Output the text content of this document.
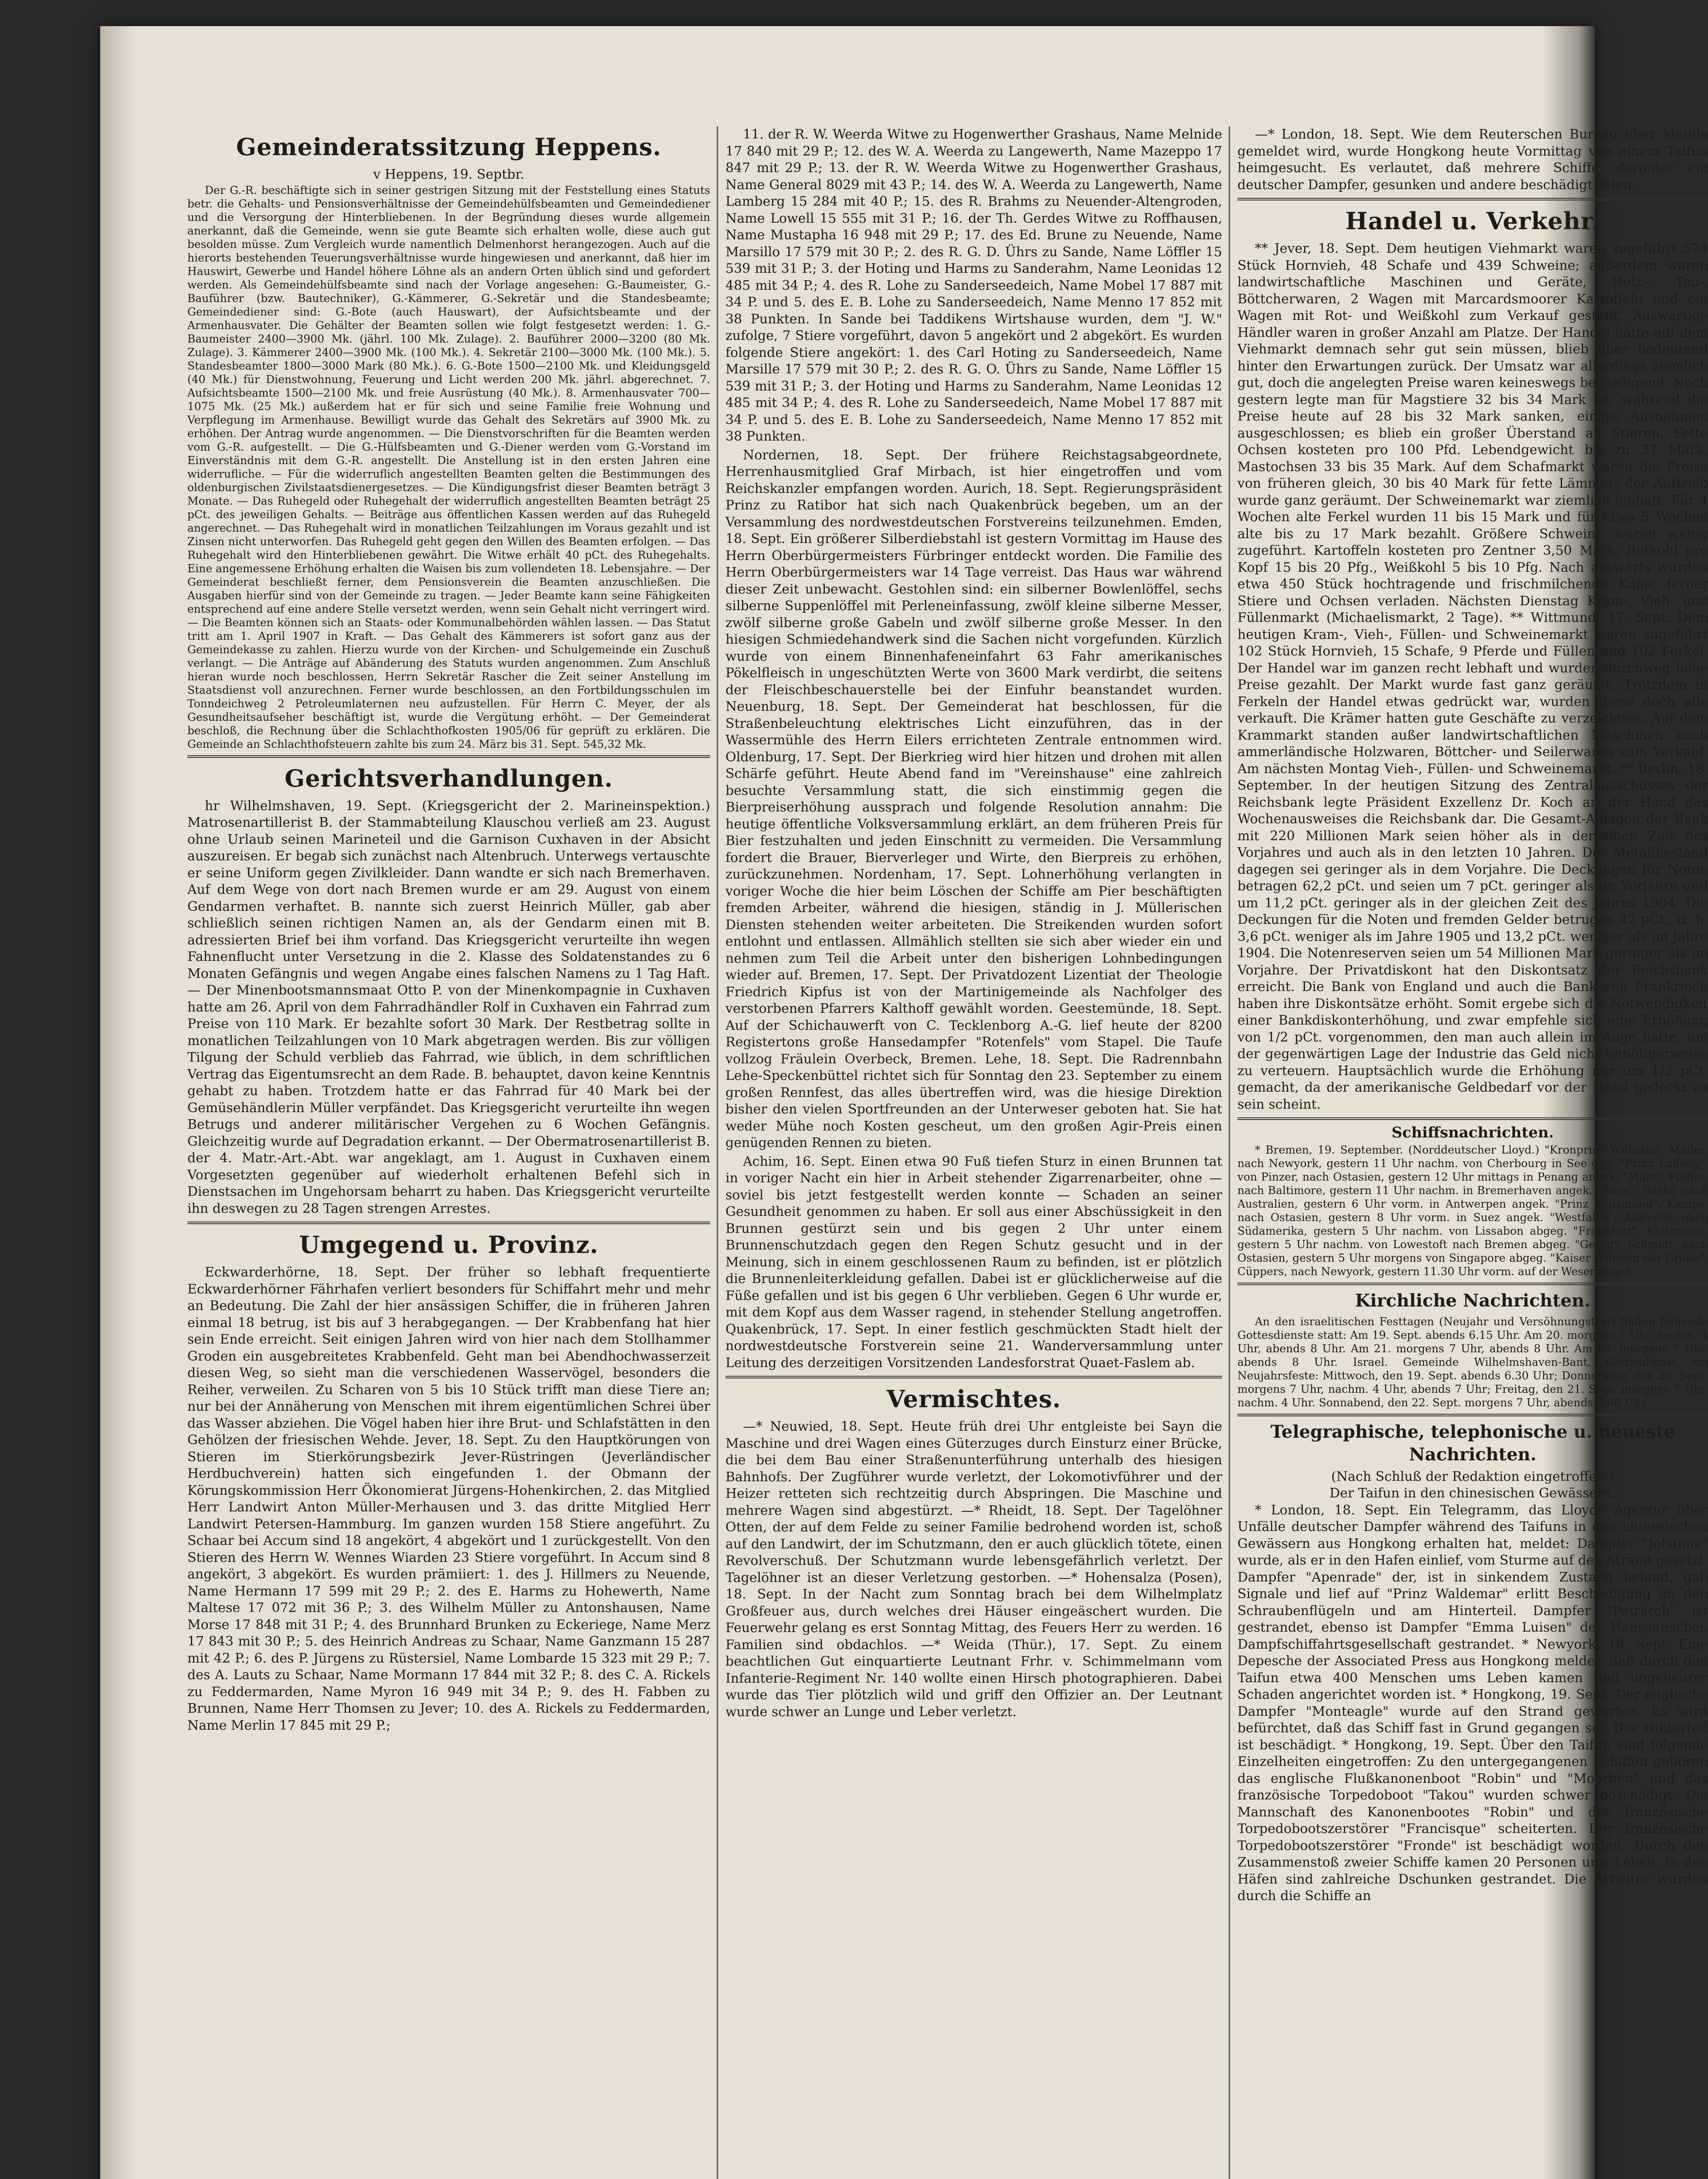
Gemeinderatssitzung Heppens.
v Heppens, 19. Septbr.

Der G.-R. beschäftigte sich in seiner gestrigen Sitzung mit der Feststellung eines Statuts betr. die Gehalts- und Pensionsverhältnisse der Gemeindehülfsbeamten und Gemeindediener und die Versorgung der Hinterbliebenen. In der Begründung dieses wurde allgemein anerkannt, daß die Gemeinde, wenn sie gute Beamte sich erhalten wolle, diese auch gut besolden müsse. Zum Vergleich wurde namentlich Delmenhorst herangezogen. Auch auf die hierorts bestehenden Teuerungsverhältnisse wurde hingewiesen und anerkannt, daß hier im Hauswirt, Gewerbe und Handel höhere Löhne als an andern Orten üblich sind und gefordert werden. Als Gemeindehülfsbeamte sind nach der Vorlage angesehen: G.-Baumeister, G.-Bauführer (bzw. Bautechniker), G.-Kämmerer, G.-Sekretär und die Standesbeamte; Gemeindediener sind: G.-Bote (auch Hauswart), der Aufsichtsbeamte und der Armenhausvater. Die Gehälter der Beamten sollen wie folgt festgesetzt werden: 1. G.-Baumeister 2400—3900 Mk. (jährl. 100 Mk. Zulage). 2. Bauführer 2000—3200 (80 Mk. Zulage). 3. Kämmerer 2400—3900 Mk. (100 Mk.). 4. Sekretär 2100—3000 Mk. (100 Mk.). 5. Standesbeamter 1800—3000 Mark (80 Mk.). 6. G.-Bote 1500—2100 Mk. und Kleidungsgeld (40 Mk.) für Dienstwohnung, Feuerung und Licht werden 200 Mk. jährl. abgerechnet. 7. Aufsichtsbeamte 1500—2100 Mk. und freie Ausrüstung (40 Mk.). 8. Armenhausvater 700—1075 Mk. (25 Mk.) außerdem hat er für sich und seine Familie freie Wohnung und Verpflegung im Armenhause. Bewilligt wurde das Gehalt des Sekretärs auf 3900 Mk. zu erhöhen. Der Antrag wurde angenommen. — Die Dienstvorschriften für die Beamten werden vom G.-R. aufgestellt. — Die G.-Hülfsbeamten und G.-Diener werden vom G.-Vorstand im Einverständnis mit dem G.-R. angestellt. Die Anstellung ist in den ersten Jahren eine widerrufliche. — Für die widerruflich angestellten Beamten gelten die Bestimmungen des oldenburgischen Zivilstaatsdienergesetzes. — Die Kündigungsfrist dieser Beamten beträgt 3 Monate. — Das Ruhegeld oder Ruhegehalt der widerruflich angestellten Beamten beträgt 25 pCt. des jeweiligen Gehalts. — Beiträge aus öffentlichen Kassen werden auf das Ruhegeld angerechnet. — Das Ruhegehalt wird in monatlichen Teilzahlungen im Voraus gezahlt und ist Zinsen nicht unterworfen. Das Ruhegeld geht gegen den Willen des Beamten erfolgen. — Das Ruhegehalt wird den Hinterbliebenen gewährt. Die Witwe erhält 40 pCt. des Ruhegehalts. Eine angemessene Erhöhung erhalten die Waisen bis zum vollendeten 18. Lebensjahre. — Der Gemeinderat beschließt ferner, dem Pensionsverein die Beamten anzuschließen. Die Ausgaben hierfür sind von der Gemeinde zu tragen. — Jeder Beamte kann seine Fähigkeiten entsprechend auf eine andere Stelle versetzt werden, wenn sein Gehalt nicht verringert wird. — Die Beamten können sich an Staats- oder Kommunalbehörden wählen lassen. — Das Statut tritt am 1. April 1907 in Kraft. — Das Gehalt des Kämmerers ist sofort ganz aus der Gemeindekasse zu zahlen. Hierzu wurde von der Kirchen- und Schulgemeinde ein Zuschuß verlangt. — Die Anträge auf Abänderung des Statuts wurden angenommen. Zum Anschluß hieran wurde noch beschlossen, Herrn Sekretär Rascher die Zeit seiner Anstellung im Staatsdienst voll anzurechnen. Ferner wurde beschlossen, an den Fortbildungsschulen im Tonndeichweg 2 Petroleumlaternen neu aufzustellen. Für Herrn C. Meyer, der als Gesundheitsaufseher beschäftigt ist, wurde die Vergütung erhöht. — Der Gemeinderat beschloß, die Rechnung über die Schlachthofkosten 1905/06 für geprüft zu erklären. Die Gemeinde an Schlachthofsteuern zahlte bis zum 24. März bis 31. Sept. 545,32 Mk.

Gerichtsverhandlungen.

hr Wilhelmshaven, 19. Sept. (Kriegsgericht der 2. Marineinspektion.) Matrosenartillerist B. der Stammabteilung Klauschou verließ am 23. August ohne Urlaub seinen Marineteil und die Garnison Cuxhaven in der Absicht auszureisen. Er begab sich zunächst nach Altenbruch. Unterwegs vertauschte er seine Uniform gegen Zivilkleider. Dann wandte er sich nach Bremerhaven. Auf dem Wege von dort nach Bremen wurde er am 29. August von einem Gendarmen verhaftet. B. nannte sich zuerst Heinrich Müller, gab aber schließlich seinen richtigen Namen an, als der Gendarm einen mit B. adressierten Brief bei ihm vorfand. Das Kriegsgericht verurteilte ihn wegen Fahnenflucht unter Versetzung in die 2. Klasse des Soldatenstandes zu 6 Monaten Gefängnis und wegen Angabe eines falschen Namens zu 1 Tag Haft. — Der Minenbootsmannsmaat Otto P. von der Minenkompagnie in Cuxhaven hatte am 26. April von dem Fahrradhändler Rolf in Cuxhaven ein Fahrrad zum Preise von 110 Mark. Er bezahlte sofort 30 Mark. Der Restbetrag sollte in monatlichen Teilzahlungen von 10 Mark abgetragen werden. Bis zur völligen Tilgung der Schuld verblieb das Fahrrad, wie üblich, in dem schriftlichen Vertrag das Eigentumsrecht an dem Rade. B. behauptet, davon keine Kenntnis gehabt zu haben. Trotzdem hatte er das Fahrrad für 40 Mark bei der Gemüsehändlerin Müller verpfändet. Das Kriegsgericht verurteilte ihn wegen Betrugs und anderer militärischer Vergehen zu 6 Wochen Gefängnis. Gleichzeitig wurde auf Degradation erkannt. — Der Obermatrosenartillerist B. der 4. Matr.-Art.-Abt. war angeklagt, am 1. August in Cuxhaven einem Vorgesetzten gegenüber auf wiederholt erhaltenen Befehl sich in Dienstsachen im Ungehorsam beharrt zu haben. Das Kriegsgericht verurteilte ihn deswegen zu 28 Tagen strengen Arrestes.

Umgegend u. Provinz.

Eckwarderhörne, 18. Sept. Der früher so lebhaft frequentierte Eckwarderhörner Fährhafen verliert besonders für Schiffahrt mehr und mehr an Bedeutung. Die Zahl der hier ansässigen Schiffer, die in früheren Jahren einmal 18 betrug, ist bis auf 3 herabgegangen. — Der Krabbenfang hat hier sein Ende erreicht. Seit einigen Jahren wird von hier nach dem Stollhammer Groden ein ausgebreitetes Krabbenfeld. Geht man bei Abendhochwasserzeit diesen Weg, so sieht man die verschiedenen Wasservögel, besonders die Reiher, verweilen. Zu Scharen von 5 bis 10 Stück trifft man diese Tiere an; nur bei der Annäherung von Menschen mit ihrem eigentümlichen Schrei über das Wasser abziehen. Die Vögel haben hier ihre Brut- und Schlafstätten in den Gehölzen der friesischen Wehde. Jever, 18. Sept. Zu den Hauptkörungen von Stieren im Stierkörungsbezirk Jever-Rüstringen (Jeverländischer Herdbuchverein) hatten sich eingefunden 1. der Obmann der Körungskommission Herr Ökonomierat Jürgens-Hohenkirchen, 2. das Mitglied Herr Landwirt Anton Müller-Merhausen und 3. das dritte Mitglied Herr Landwirt Petersen-Hammburg. Im ganzen wurden 158 Stiere angeführt. Zu Schaar bei Accum sind 18 angekört, 4 abgekört und 1 zurückgestellt. Von den Stieren des Herrn W. Wennes Wiarden 23 Stiere vorgeführt. In Accum sind 8 angekört, 3 abgekört. Es wurden prämiiert: 1. des J. Hillmers zu Neuende, Name Hermann 17 599 mit 29 P.; 2. des E. Harms zu Hohewerth, Name Maltese 17 072 mit 36 P.; 3. des Wilhelm Müller zu Antonshausen, Name Morse 17 848 mit 31 P.; 4. des Brunnhard Brunken zu Eckeriege, Name Merz 17 843 mit 30 P.; 5. des Heinrich Andreas zu Schaar, Name Ganzmann 15 287 mit 42 P.; 6. des P. Jürgens zu Rüstersiel, Name Lombarde 15 323 mit 29 P.; 7. des A. Lauts zu Schaar, Name Mormann 17 844 mit 32 P.; 8. des C. A. Rickels zu Feddermarden, Name Myron 16 949 mit 34 P.; 9. des H. Fabben zu Brunnen, Name Herr Thomsen zu Jever; 10. des A. Rickels zu Feddermarden, Name Merlin 17 845 mit 29 P.;

11. der R. W. Weerda Witwe zu Hogenwerther Grashaus, Name Melnide 17 840 mit 29 P.; 12. des W. A. Weerda zu Langewerth, Name Mazeppo 17 847 mit 29 P.; 13. der R. W. Weerda Witwe zu Hogenwerther Grashaus, Name General 8029 mit 43 P.; 14. des W. A. Weerda zu Langewerth, Name Lamberg 15 284 mit 40 P.; 15. des R. Brahms zu Neuender-Altengroden, Name Lowell 15 555 mit 31 P.; 16. der Th. Gerdes Witwe zu Roffhausen, Name Mustapha 16 948 mit 29 P.; 17. des Ed. Brune zu Neuende, Name Marsillo 17 579 mit 30 P.; 2. des R. G. D. Ührs zu Sande, Name Löffler 15 539 mit 31 P.; 3. der Hoting und Harms zu Sanderahm, Name Leonidas 12 485 mit 34 P.; 4. des R. Lohe zu Sanderseedeich, Name Mobel 17 887 mit 34 P. und 5. des E. B. Lohe zu Sanderseedeich, Name Menno 17 852 mit 38 Punkten. In Sande bei Taddikens Wirtshause wurden, dem "J. W." zufolge, 7 Stiere vorgeführt, davon 5 angekört und 2 abgekört. Es wurden folgende Stiere angekört: 1. des Carl Hoting zu Sanderseedeich, Name Marsille 17 579 mit 30 P.; 2. des R. G. O. Ührs zu Sande, Name Löffler 15 539 mit 31 P.; 3. der Hoting und Harms zu Sanderahm, Name Leonidas 12 485 mit 34 P.; 4. des R. Lohe zu Sanderseedeich, Name Mobel 17 887 mit 34 P. und 5. des E. B. Lohe zu Sanderseedeich, Name Menno 17 852 mit 38 Punkten.

Nordernen, 18. Sept. Der frühere Reichstagsabgeordnete, Herrenhausmitglied Graf Mirbach, ist hier eingetroffen und vom Reichskanzler empfangen worden. Aurich, 18. Sept. Regierungspräsident Prinz zu Ratibor hat sich nach Quakenbrück begeben, um an der Versammlung des nordwestdeutschen Forstvereins teilzunehmen. Emden, 18. Sept. Ein größerer Silberdiebstahl ist gestern Vormittag im Hause des Herrn Oberbürgermeisters Fürbringer entdeckt worden. Die Familie des Herrn Oberbürgermeisters war 14 Tage verreist. Das Haus war während dieser Zeit unbewacht. Gestohlen sind: ein silberner Bowlenlöffel, sechs silberne Suppenlöffel mit Perleneinfassung, zwölf kleine silberne Messer, zwölf silberne große Gabeln und zwölf silberne große Messer. In den hiesigen Schmiedehandwerk sind die Sachen nicht vorgefunden. Kürzlich wurde von einem Binnenhafeneinfahrt 63 Fahr amerikanisches Pökelfleisch in ungeschützten Werte von 3600 Mark verdirbt, die seitens der Fleischbeschauerstelle bei der Einfuhr beanstandet wurden. Neuenburg, 18. Sept. Der Gemeinderat hat beschlossen, für die Straßenbeleuchtung elektrisches Licht einzuführen, das in der Wassermühle des Herrn Eilers errichteten Zentrale entnommen wird. Oldenburg, 17. Sept. Der Bierkrieg wird hier hitzen und drohen mit allen Schärfe geführt. Heute Abend fand im "Vereinshause" eine zahlreich besuchte Versammlung statt, die sich einstimmig gegen die Bierpreiserhöhung aussprach und folgende Resolution annahm: Die heutige öffentliche Volksversammlung erklärt, an dem früheren Preis für Bier festzuhalten und jeden Einschnitt zu vermeiden. Die Versammlung fordert die Brauer, Bierverleger und Wirte, den Bierpreis zu erhöhen, zurückzunehmen. Nordenham, 17. Sept. Lohnerhöhung verlangten in voriger Woche die hier beim Löschen der Schiffe am Pier beschäftigten fremden Arbeiter, während die hiesigen, ständig in J. Müllerischen Diensten stehenden weiter arbeiteten. Die Streikenden wurden sofort entlohnt und entlassen. Allmählich stellten sie sich aber wieder ein und nehmen zum Teil die Arbeit unter den bisherigen Lohnbedingungen wieder auf. Bremen, 17. Sept. Der Privatdozent Lizentiat der Theologie Friedrich Kipfus ist von der Martinigemeinde als Nachfolger des verstorbenen Pfarrers Kalthoff gewählt worden. Geestemünde, 18. Sept. Auf der Schichauwerft von C. Tecklenborg A.-G. lief heute der 8200 Registertons große Hansedampfer "Rotenfels" vom Stapel. Die Taufe vollzog Fräulein Overbeck, Bremen. Lehe, 18. Sept. Die Radrennbahn Lehe-Speckenbüttel richtet sich für Sonntag den 23. September zu einem großen Rennfest, das alles übertreffen wird, was die hiesige Direktion bisher den vielen Sportfreunden an der Unterweser geboten hat. Sie hat weder Mühe noch Kosten gescheut, um den großen Agir-Preis einen genügenden Rennen zu bieten.

Achim, 16. Sept. Einen etwa 90 Fuß tiefen Sturz in einen Brunnen tat in voriger Nacht ein hier in Arbeit stehender Zigarrenarbeiter, ohne — soviel bis jetzt festgestellt werden konnte — Schaden an seiner Gesundheit genommen zu haben. Er soll aus einer Abschüssigkeit in den Brunnen gestürzt sein und bis gegen 2 Uhr unter einem Brunnenschutzdach gegen den Regen Schutz gesucht und in der Meinung, sich in einem geschlossenen Raum zu befinden, ist er plötzlich die Brunnenleiterkleidung gefallen. Dabei ist er glücklicherweise auf die Füße gefallen und ist bis gegen 6 Uhr verblieben. Gegen 6 Uhr wurde er, mit dem Kopf aus dem Wasser ragend, in stehender Stellung angetroffen. Quakenbrück, 17. Sept. In einer festlich geschmückten Stadt hielt der nordwestdeutsche Forstverein seine 21. Wanderversammlung unter Leitung des derzeitigen Vorsitzenden Landesforstrat Quaet-Faslem ab.

Vermischtes.

—* Neuwied, 18. Sept. Heute früh drei Uhr entgleiste bei Sayn die Maschine und drei Wagen eines Güterzuges durch Einsturz einer Brücke, die bei dem Bau einer Straßenunterführung unterhalb des hiesigen Bahnhofs. Der Zugführer wurde verletzt, der Lokomotivführer und der Heizer retteten sich rechtzeitig durch Abspringen. Die Maschine und mehrere Wagen sind abgestürzt. —* Rheidt, 18. Sept. Der Tagelöhner Otten, der auf dem Felde zu seiner Familie bedrohend worden ist, schoß auf den Landwirt, der im Schutzmann, den er auch glücklich tötete, einen Revolverschuß. Der Schutzmann wurde lebensgefährlich verletzt. Der Tagelöhner ist an dieser Verletzung gestorben. —* Hohensalza (Posen), 18. Sept. In der Nacht zum Sonntag brach bei dem Wilhelmplatz Großfeuer aus, durch welches drei Häuser eingeäschert wurden. Die Feuerwehr gelang es erst Sonntag Mittag, des Feuers Herr zu werden. 16 Familien sind obdachlos. —* Weida (Thür.), 17. Sept. Zu einem beachtlichen Gut einquartierte Leutnant Frhr. v. Schimmelmann vom Infanterie-Regiment Nr. 140 wollte einen Hirsch photographieren. Dabei wurde das Tier plötzlich wild und griff den Offizier an. Der Leutnant wurde schwer an Lunge und Leber verletzt.

—* London, 18. Sept. Wie dem Reuterschen Bureau über Manila gemeldet wird, wurde Hongkong heute Vormittag von einem Taifun heimgesucht. Es verlautet, daß mehrere Schiffe, darunter ein deutscher Dampfer, gesunken und andere beschädigt seien.

Handel u. Verkehr.

** Jever, 18. Sept. Dem heutigen Viehmarkt waren zugeführt 574 Stück Hornvieh, 48 Schafe und 439 Schweine; außerdem waren landwirtschaftliche Maschinen und Geräte, Holz-, Tau-, Böttcherwaren, 2 Wagen mit Marcardsmoorer Kartoffeln und ein Wagen mit Rot- und Weißkohl zum Verkauf gestellt. Auswärtige Händler waren in großer Anzahl am Platze. Der Handel hätte auf dem Viehmarkt demnach sehr gut sein müssen, blieb aber bedeutend hinter den Erwartungen zurück. Der Umsatz war allerdings ziemlich gut, doch die angelegten Preise waren keineswegs befriedigend. Noch gestern legte man für Magstiere 32 bis 34 Mark an, während die Preise heute auf 28 bis 32 Mark sanken, einige Ausnahmen ausgeschlossen; es blieb ein großer Überstand an Stieren. Fette Ochsen kosteten pro 100 Pfd. Lebendgewicht bis zu 37 Mark, Mastochsen 33 bis 35 Mark. Auf dem Schafmarkt waren die Preise von früheren gleich, 30 bis 40 Mark für fette Lämmer; der Auftrieb wurde ganz geräumt. Der Schweinemarkt war ziemlich lebhaft. Für 4 Wochen alte Ferkel wurden 11 bis 15 Mark und für etwa 5 Wochen alte bis zu 17 Mark bezahlt. Größere Schweine waren wenig zugeführt. Kartoffeln kosteten pro Zentner 3,50 Mark, Rotkohl pro Kopf 15 bis 20 Pfg., Weißkohl 5 bis 10 Pfg. Nach auswärts wurden etwa 450 Stück hochtragende und frischmilchende Kühe, ferner Stiere und Ochsen verladen. Nächsten Dienstag Kram-, Vieh- und Füllenmarkt (Michaelismarkt, 2 Tage). ** Wittmund, 17. Sept. Dem heutigen Kram-, Vieh-, Füllen- und Schweinemarkt waren zugeführt 102 Stück Hornvieh, 15 Schafe, 9 Pferde und Füllen und 102 Ferkel. Der Handel war im ganzen recht lebhaft und wurden durchweg hohe Preise gezahlt. Der Markt wurde fast ganz geräumt. Trotzdem in Ferkeln der Handel etwas gedrückt war, wurden diese doch alle verkauft. Die Krämer hatten gute Geschäfte zu verzeichnen. Auf dem Krammarkt standen außer landwirtschaftlichen Maschinen auch ammerländische Holzwaren, Böttcher- und Seilerwaren zum Verkauf. Am nächsten Montag Vieh-, Füllen- und Schweinemarkt. ** Berlin, 18. September. In der heutigen Sitzung des Zentralausschusses der Reichsbank legte Präsident Exzellenz Dr. Koch an der Hand des Wochenausweises die Reichsbank dar. Die Gesamt-Anlagen der Bank mit 220 Millionen Mark seien höher als in derselben Zeit des Vorjahres und auch als in den letzten 10 Jahren. Der Metallbestand dagegen sei geringer als in dem Vorjahre. Die Deckungen für Noten betragen 62,2 pCt. und seien um 7 pCt. geringer als im Vorjahre und um 11,2 pCt. geringer als in der gleichen Zeit des Jahres 1904. Die Deckungen für die Noten und fremden Gelder betrugen 42 pCt., d. h. 3,6 pCt. weniger als im Jahre 1905 und 13,2 pCt. weniger als im Jahre 1904. Die Notenreserven seien um 54 Millionen Mark geringer als im Vorjahre. Der Privatdiskont hat den Diskontsatz der Reichsbank erreicht. Die Bank von England und auch die Bank von Frankreich haben ihre Diskontsätze erhöht. Somit ergebe sich die Notwendigkeit einer Bankdiskonterhöhung, und zwar empfehle sich eine Erhöhung von 1/2 pCt. vorgenommen, den man auch allein im Auge hatte, um der gegenwärtigen Lage der Industrie das Geld nicht unnötigerweise zu verteuern. Hauptsächlich wurde die Erhöhung nur um 1/2 pCt. gemacht, da der amerikanische Geldbedarf vor der Hand gedeckt zu sein scheint.

Schiffsnachrichten.

* Bremen, 19. September. (Norddeutscher Lloyd.) "Kronprinz Wilhelm", Müller, nach Newyork, gestern 11 Uhr nachm. von Cherbourg in See geg. "Prinz Ludwig", von Pinzer, nach Ostasien, gestern 12 Uhr mittags in Penang angek. "Main", Pfeffer, nach Baltimore, gestern 11 Uhr nachm. in Bremerhaven angek. "Roon", Wiehr, nach Australien, gestern 6 Uhr vorm. in Antwerpen angek. "Prinz Sigismund", Kamps, nach Ostasien, gestern 8 Uhr vorm. in Suez angek. "Westfalen", Albrecht, nach Südamerika, gestern 5 Uhr nachm. von Lissabon abgeg. "Frankfurt", Kluttmann, gestern 5 Uhr nachm. von Lowestoft nach Bremen abgeg. "Georg", Schmidt, nach Ostasien, gestern 5 Uhr morgens von Singapore abgeg. "Kaiser Wilhelm der Große", Cüppers, nach Newyork, gestern 11.30 Uhr vorm. auf der Weser angek.

Kirchliche Nachrichten.

An den israelitischen Festtagen (Neujahr und Versöhnungsfest) finden folgende Gottesdienste statt: Am 19. Sept. abends 6.15 Uhr. Am 20. morgens 7 Uhr, nachm. 4 Uhr, abends 8 Uhr. Am 21. morgens 7 Uhr, abends 8 Uhr. Am 28. morgens 7 Uhr, abends 8 Uhr. Israel. Gemeinde Wilhelmshaven-Bant. Gottesdienst am Neujahrsfeste: Mittwoch, den 19. Sept. abends 6.30 Uhr; Donnerstag, den 20. Sept. morgens 7 Uhr, nachm. 4 Uhr, abends 7 Uhr; Freitag, den 21. Sept. morgens 7 Uhr, nachm. 4 Uhr. Sonnabend, den 22. Sept. morgens 7 Uhr, abends 7.08 Uhr.

Telegraphische, telephonische u. neueste Nachrichten.
(Nach Schluß der Redaktion eingetroffen.)
Der Taifun in den chinesischen Gewässern.

* London, 18. Sept. Ein Telegramm, das Lloyds Agentur über Unfälle deutscher Dampfer während des Taifuns in den chinesischen Gewässern aus Hongkong erhalten hat, meldet: Dampfer "Johanne" wurde, als er in den Hafen einlief, vom Sturme auf den Strand gesetzt. Dampfer "Apenrade" der, ist in sinkendem Zustand befand, gab Signale und lief auf "Prinz Waldemar" erlitt Beschädigung an den Schraubenflügeln und am Hinterteil. Dampfer "Petrarch" ist gestrandet, ebenso ist Dampfer "Emma Luisen" der Hanseatischen Dampfschiffahrtsgesellschaft gestrandet. * Newyork, 18. Sept. Eine Depesche der Associated Press aus Hongkong meldet, daß durch den Taifun etwa 400 Menschen ums Leben kamen und ungeheurer Schaden angerichtet worden ist. * Hongkong, 19. Sept. Der englische Dampfer "Monteagle" wurde auf den Strand geworfen. Es wird befürchtet, daß das Schiff fast in Grund gegangen sei. Der Hinterteil ist beschädigt. * Hongkong, 19. Sept. Über den Taifun sind folgende Einzelheiten eingetroffen: Zu den untergegangenen Schiffen gehören das englische Flußkanonenboot "Robin" und "Moorhen" und das französische Torpedoboot "Takou" wurden schwer beschädigt. Die Mannschaft des Kanonenbootes "Robin" und der französische Torpedobootszerstörer "Francisque" scheiterten. Der französische Torpedobootszerstörer "Fronde" ist beschädigt worden. Durch den Zusammenstoß zweier Schiffe kamen 20 Personen ums Leben. In den Häfen sind zahlreiche Dschunken gestrandet. Die Arbeiter wurden durch die Schiffe an
